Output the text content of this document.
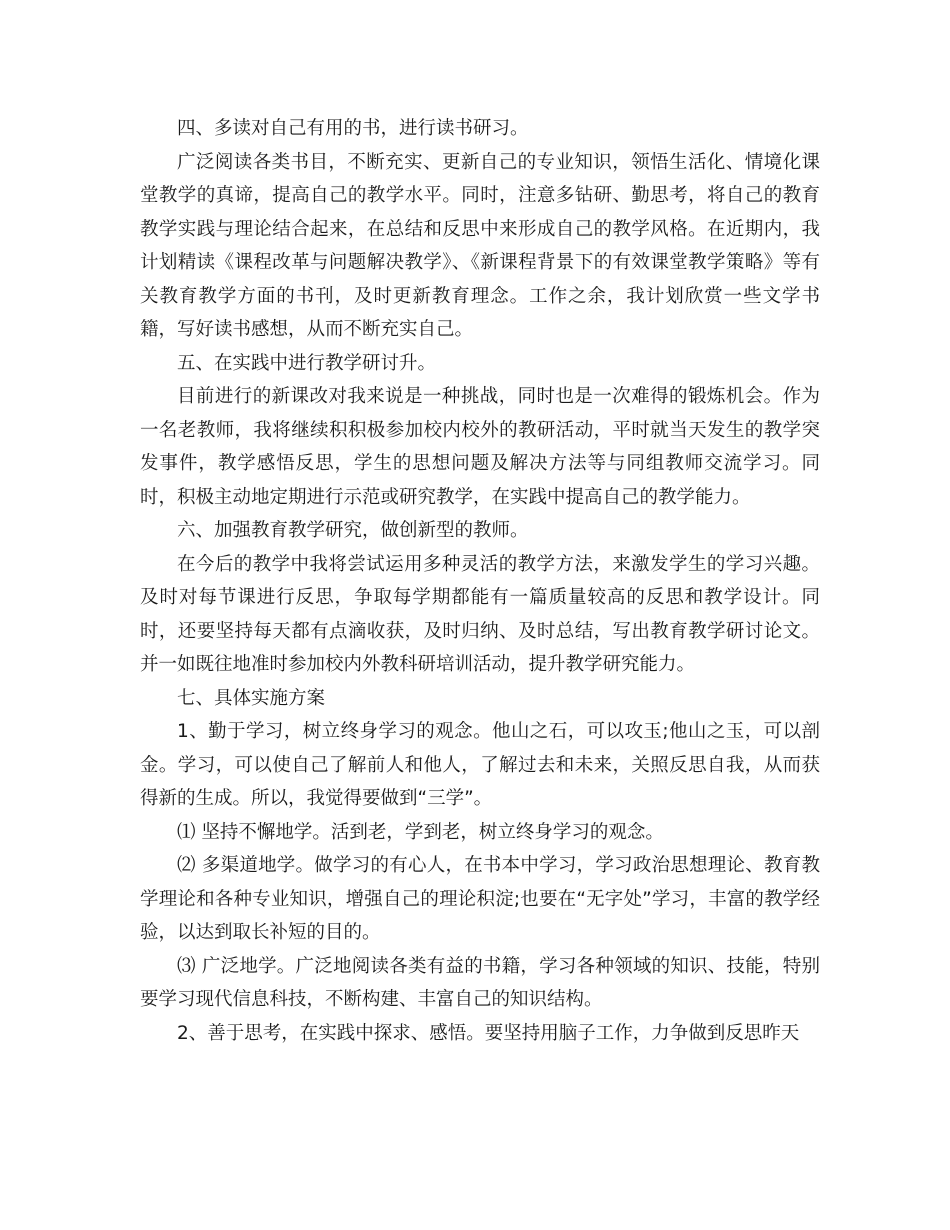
四、多读对自己有用的书，进行读书研习。

广泛阅读各类书目，不断充实、更新自己的专业知识，领悟生活化、情境化课堂教学的真谛，提高自己的教学水平。同时，注意多钻研、勤思考，将自己的教育教学实践与理论结合起来，在总结和反思中来形成自己的教学风格。在近期内，我计划精读《课程改革与问题解决教学》、《新课程背景下的有效课堂教学策略》等有关教育教学方面的书刊，及时更新教育理念。工作之余，我计划欣赏一些文学书籍，写好读书感想，从而不断充实自己。

五、在实践中进行教学研讨升。

目前进行的新课改对我来说是一种挑战，同时也是一次难得的锻炼机会。作为一名老教师，我将继续积积极参加校内校外的教研活动，平时就当天发生的教学突发事件，教学感悟反思，学生的思想问题及解决方法等与同组教师交流学习。同时，积极主动地定期进行示范或研究教学，在实践中提高自己的教学能力。

六、加强教育教学研究，做创新型的教师。

在今后的教学中我将尝试运用多种灵活的教学方法，来激发学生的学习兴趣。及时对每节课进行反思，争取每学期都能有一篇质量较高的反思和教学设计。同时，还要坚持每天都有点滴收获，及时归纳、及时总结，写出教育教学研讨论文。并一如既往地准时参加校内外教科研培训活动，提升教学研究能力。

七、具体实施方案

1、勤于学习，树立终身学习的观念。他山之石，可以攻玉;他山之玉，可以剖金。学习，可以使自己了解前人和他人，了解过去和未来，关照反思自我，从而获得新的生成。所以，我觉得要做到“三学”。

⑴ 坚持不懈地学。活到老，学到老，树立终身学习的观念。

⑵ 多渠道地学。做学习的有心人，在书本中学习，学习政治思想理论、教育教学理论和各种专业知识，增强自己的理论积淀;也要在“无字处”学习，丰富的教学经验，以达到取长补短的目的。

⑶ 广泛地学。广泛地阅读各类有益的书籍，学习各种领域的知识、技能，特别要学习现代信息科技，不断构建、丰富自己的知识结构。

2、善于思考，在实践中探求、感悟。要坚持用脑子工作，力争做到反思昨天
